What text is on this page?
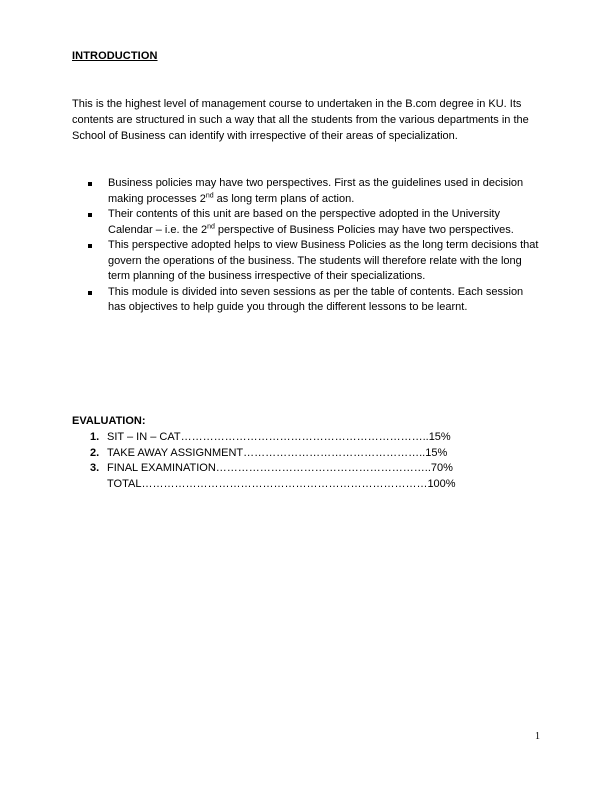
INTRODUCTION

This is the highest level of management course to undertaken in the B.com degree in KU. Its contents are structured in such a way that all the students from the various departments in the School of Business can identify with irrespective of their areas of specialization.

Business policies may have two perspectives. First as the guidelines used in decision making processes 2nd as long term plans of action.
Their contents of this unit are based on the perspective adopted in the University Calendar – i.e. the 2nd perspective of Business Policies may have two perspectives.
This perspective adopted helps to view Business Policies as the long term decisions that govern the operations of the business. The students will therefore relate with the long term planning of the business irrespective of their specializations.
This module is divided into seven sessions as per the table of contents. Each session has objectives to help guide you through the different lessons to be learnt.
EVALUATION:
1. SIT – IN – CAT ………………………………………………………….. 15%
2. TAKE AWAY ASSIGNMENT ………………………………………….. 15%
3. FINAL EXAMINATION ………………………………………………….. 70%
TOTAL …………………………………………………………………… 100%
1
